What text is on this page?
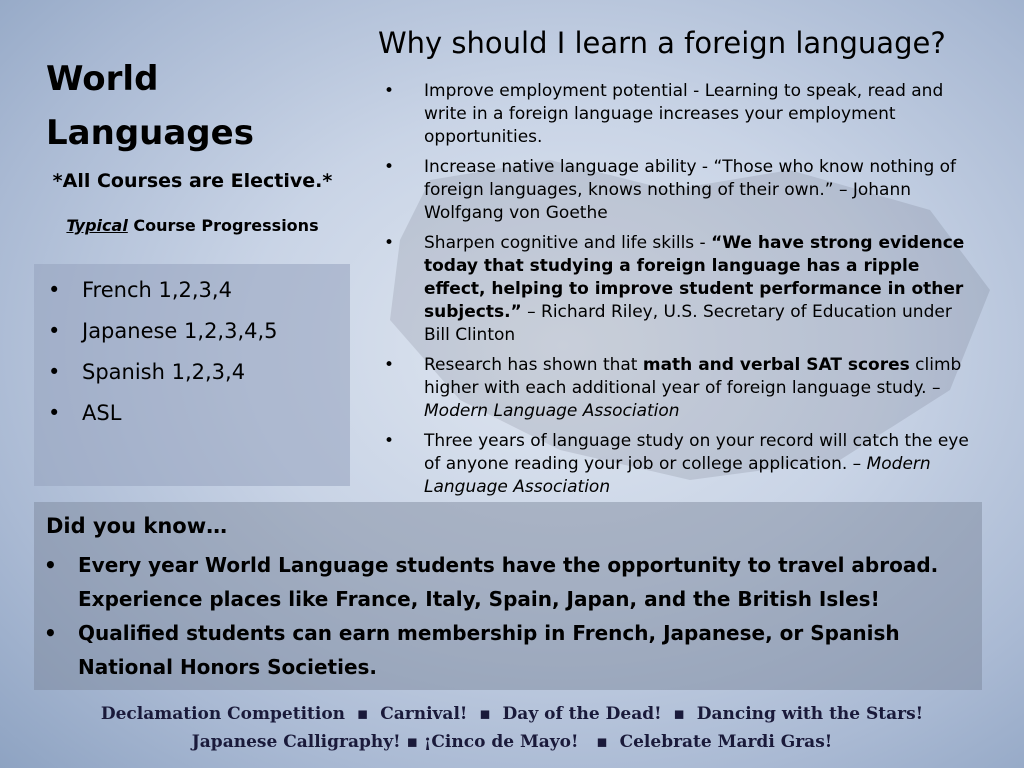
World
Languages
*All Courses are Elective.*
Typical Course Progressions
•	French 1,2,3,4
•	Japanese 1,2,3,4,5
•	Spanish 1,2,3,4
•	ASL
Why should I learn a foreign language?
•	Improve employment potential - Learning to speak, read and write in a foreign language increases your employment opportunities.
•	Increase native language ability - “Those who know nothing of foreign languages, knows nothing of their own.” – Johann Wolfgang von Goethe
•	Sharpen cognitive and life skills - “We have strong evidence today that studying a foreign language has a ripple effect, helping to improve student performance in other subjects.” – Richard Riley, U.S. Secretary of Education under Bill Clinton
•	Research has shown that math and verbal SAT scores climb higher with each additional year of foreign language study. – Modern Language Association
•	Three years of language study on your record will catch the eye of anyone reading your job or college application. – Modern Language Association
Did you know…
•	Every year World Language students have the opportunity to travel abroad. Experience places like France, Italy, Spain, Japan, and the British Isles!
•	Qualified students can earn membership in French, Japanese, or Spanish National Honors Societies.
Declamation Competition  ▪  Carnival!  ▪  Day of the Dead!  ▪  Dancing with the Stars!
Japanese Calligraphy! ▪ ¡Cinco de Mayo!   ▪  Celebrate Mardi Gras!
